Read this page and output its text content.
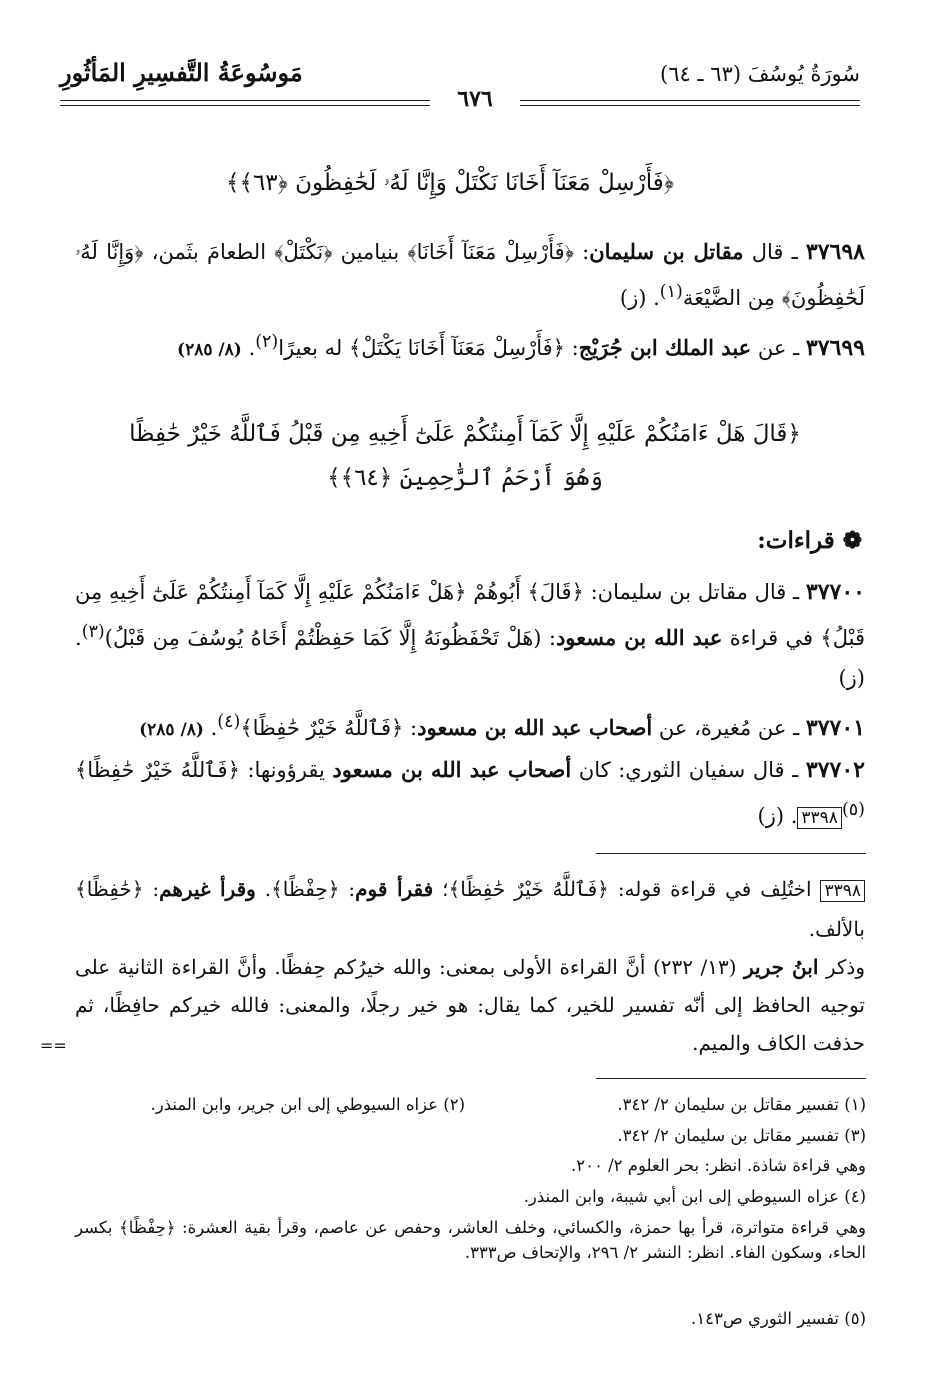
مَوسُوعَةُ التَّفسِيرِ المَأثُورِ	سُورَةُ يُوسُفَ (٦٣ ـ ٦٤)
٦٧٦
﴿فَأَرْسِلْ مَعَنَآ أَخَانَا نَكْتَلْ وَإِنَّا لَهُۥ لَحَٰفِظُونَ ﴿٦٣﴾﴾
٣٧٦٩٨ ـ قال مقاتل بن سليمان: ﴿فَأَرْسِلْ مَعَنَآ أَخَانَا﴾ بنيامين ﴿نَكْتَلْ﴾ الطعامَ بثَمن، ﴿وَإِنَّا لَهُۥ لَحَٰفِظُونَ﴾ مِن الضَّيْعَة$^{(١)}$. (ز)
٣٧٦٩٩ ـ عن عبد الملك ابن جُرَيْج: ﴿فَأَرْسِلْ مَعَنَآ أَخَانَا يَكْتَلْ﴾ له بعيرًا$^{(٢)}$. (٨/ ٢٨٥)
﴿قَالَ هَلْ ءَامَنُكُمْ عَلَيْهِ إِلَّا كَمَآ أَمِنتُكُمْ عَلَىٰٓ أَخِيهِ مِن قَبْلُ فَٱللَّهُ خَيْرٌ حَٰفِظًا
وَهُوَ أَرْحَمُ ٱلرَّٰحِمِينَ ﴿٦٤﴾﴾
❁ قراءات:
٣٧٧٠٠ ـ قال مقاتل بن سليمان: ﴿قَالَ﴾ أَبُوهُمْ ﴿هَلْ ءَامَنُكُمْ عَلَيْهِ إِلَّا كَمَآ أَمِنتُكُمْ عَلَىٰٓ أَخِيهِ مِن قَبْلُ﴾ في قراءة عبد الله بن مسعود: (هَلْ تَحْفَظُونَهُ إِلَّا كَمَا حَفِظْتُمْ أَخَاهُ يُوسُفَ مِن قَبْلُ)$^{(٣)}$. (ز)
٣٧٧٠١ ـ عن مُغيرة، عن أصحاب عبد الله بن مسعود: ﴿فَٱللَّهُ خَيْرٌ حَٰفِظًا﴾$^{(٤)}$. (٨/ ٢٨٥)
٣٧٧٠٢ ـ قال سفيان الثوري: كان أصحاب عبد الله بن مسعود يقرؤونها: ﴿فَٱللَّهُ خَيْرٌ حَٰفِظًا﴾$^{(٥)}$٣٣٩٨. (ز)
٣٣٩٨ اختُلِف في قراءة قوله: ﴿فَٱللَّهُ خَيْرٌ حَٰفِظًا﴾؛ فقرأ قوم: ﴿حِفْظًا﴾. وقرأ غيرهم: ﴿حَٰفِظًا﴾ بالألف.
وذكر ابنُ جرير (١٣/ ٢٣٢) أنَّ القراءة الأولى بمعنى: والله خيرُكم حِفظًا. وأنَّ القراءة الثانية على توجيه الحافظ إلى أنّه تفسير للخير، كما يقال: هو خير رجلًا، والمعنى: فالله خيركم حافِظًا، ثم حذفت الكاف والميم.
==
(١) تفسير مقاتل بن سليمان ٢/ ٣٤٢.
(٢) عزاه السيوطي إلى ابن جرير، وابن المنذر.
(٣) تفسير مقاتل بن سليمان ٢/ ٣٤٢.
وهي قراءة شاذة. انظر: بحر العلوم ٢/ ٢٠٠.
(٤) عزاه السيوطي إلى ابن أبي شيبة، وابن المنذر.
وهي قراءة متواترة، قرأ بها حمزة، والكسائي، وخلف العاشر، وحفص عن عاصم، وقرأ بقية العشرة: ﴿حِفْظًا﴾ بكسر الحاء، وسكون الفاء. انظر: النشر ٢/ ٢٩٦، والإتحاف ص٣٣٣.
(٥) تفسير الثوري ص١٤٣.
